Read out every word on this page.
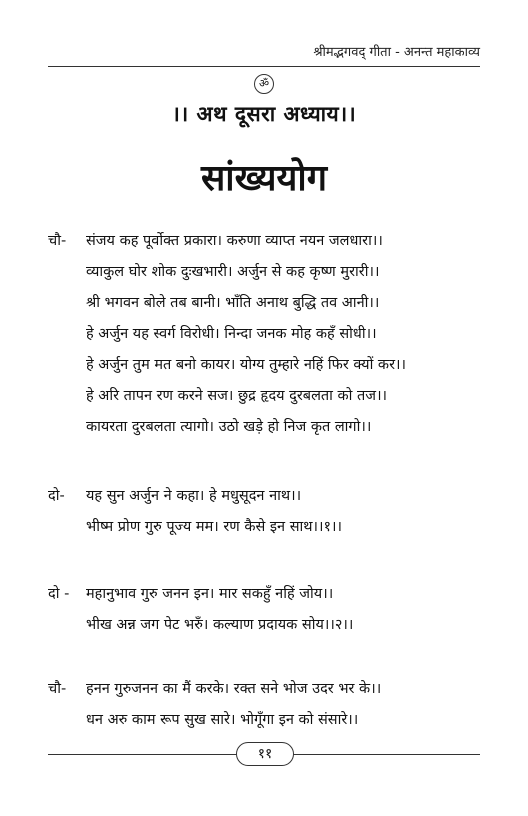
श्रीमद्भगवद् गीता - अनन्त महाकाव्य
ॐ
।। अथ दूसरा अध्याय।।
सांख्ययोग
चौ-	संजय कह पूर्वोक्त प्रकारा। करुणा व्याप्त नयन जलधारा।।
व्याकुल घोर शोक दुःखभारी। अर्जुन से कह कृष्ण मुरारी।।
श्री भगवन बोले तब बानी। भाँति अनाथ बुद्धि तव आनी।।
हे अर्जुन यह स्वर्ग विरोधी। निन्दा जनक मोह कहँ सोधी।।
हे अर्जुन तुम मत बनो कायर। योग्य तुम्हारे नहिं फिर क्यों कर।।
हे अरि तापन रण करने सज। छुद्र हृदय दुरबलता को तज।।
कायरता दुरबलता त्यागो। उठो खड़े हो निज कृत लागो।।
दो-	यह सुन अर्जुन ने कहा। हे मधुसूदन नाथ।।
भीष्म प्रोण गुरु पूज्य मम। रण कैसे इन साथ।।१।।
दो -	महानुभाव गुरु जनन इन। मार सकहुँ नहिं जोय।।
भीख अन्न जग पेट भरुँ। कल्याण प्रदायक सोय।।२।।
चौ-	हनन गुरुजनन का मैं करके। रक्त सने भोज उदर भर के।।
धन अरु काम रूप सुख सारे। भोगूँगा इन को संसारे।।
११
